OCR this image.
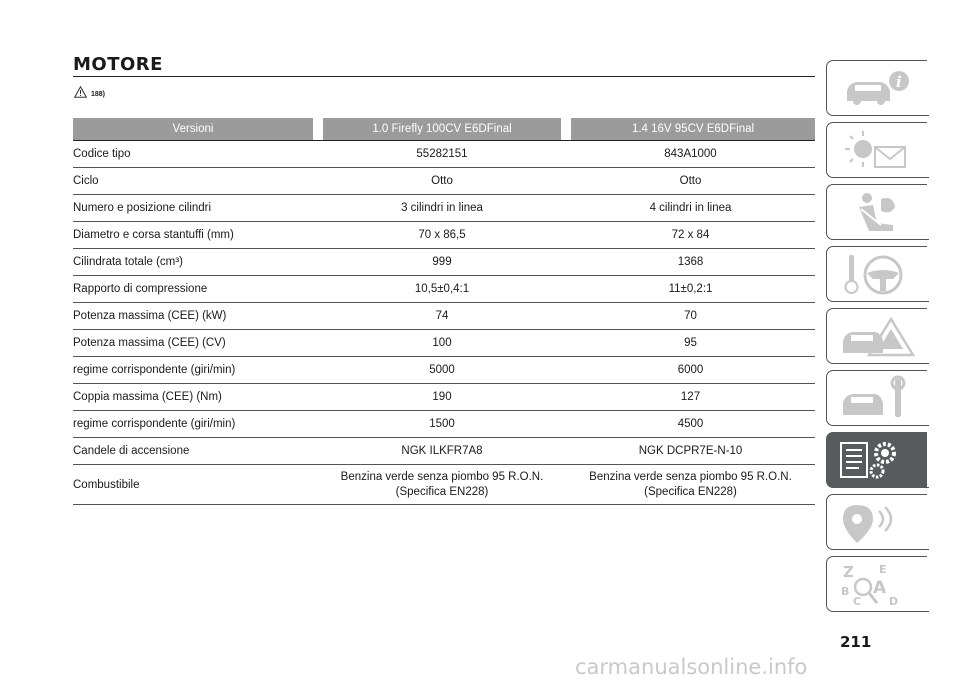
MOTORE
188)
Versioni	1.0 Firefly 100CV E6DFinal	1.4 16V 95CV E6DFinal

Codice tipo	55282151	843A1000
Ciclo	Otto	Otto
Numero e posizione cilindri	3 cilindri in linea	4 cilindri in linea
Diametro e corsa stantuffi (mm)	70 x 86,5	72 x 84
Cilindrata totale (cm³)	999	1368
Rapporto di compressione	10,5±0,4:1	11±0,2:1
Potenza massima (CEE) (kW)	74	70
Potenza massima (CEE) (CV)	100	95
regime corrispondente (giri/min)	5000	6000
Coppia massima (CEE) (Nm)	190	127
regime corrispondente (giri/min)	1500	4500
Candele di accensione	NGK ILKFR7A8	NGK DCPR7E-N-10
Combustibile	Benzina verde senza piombo 95 R.O.N. (Specifica EN228)	Benzina verde senza piombo 95 R.O.N. (Specifica EN228)
i
Z E
A
B
C	D
211
carmanualsonline.info
